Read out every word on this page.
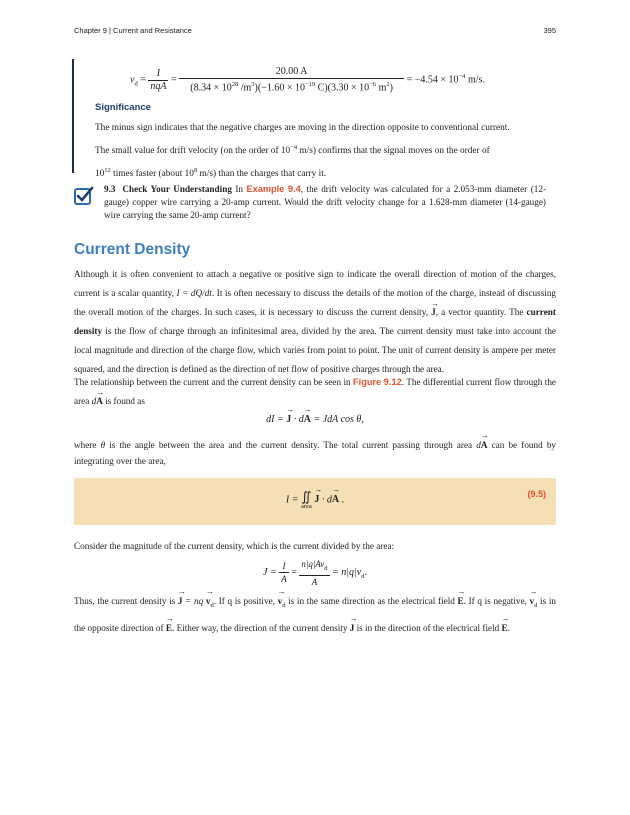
Chapter 9 | Current and Resistance	395
$v_d = \frac{I}{\text{nqA}} = \frac{20.00 A}{(8.34 \times 10^{28} /m^3)(-1.60 \times 10^{-19} C)(3.30 \times 10^{-6} m^2)} = -4.54 \times 10^{-4}$ m/s.
Significance
The minus sign indicates that the negative charges are moving in the direction opposite to conventional current.
The small value for drift velocity (on the order of $10^{-4}$ m/s) confirms that the signal moves on the order of
$10^{12}$ times faster (about $10^8$ m/s) than the charges that carry it.
9.3 Check Your Understanding In Example 9.4, the drift velocity was calculated for a 2.053-mm diameter (12-gauge) copper wire carrying a 20-amp current. Would the drift velocity change for a 1.628-mm diameter (14-gauge) wire carrying the same 20-amp current?
Current Density
Although it is often convenient to attach a negative or positive sign to indicate the overall direction of motion of the charges, current is a scalar quantity, I = dQ/dt. It is often necessary to discuss the details of the motion of the charge, instead of discussing the overall motion of the charges. In such cases, it is necessary to discuss the current density, → J, a vector quantity. The current density is the flow of charge through an infinitesimal area, divided by the area. The current density must take into account the local magnitude and direction of the charge flow, which varies from point to point. The unit of current density is ampere per meter squared, and the direction is defined as the direction of net flow of positive charges through the area.
The relationship between the current and the current density can be seen in Figure 9.12. The differential current flow through the area d→ A is found as
dI = → J · d→ A = JdA cos θ,
where θ is the angle between the area and the current density. The total current passing through area d→ A can be found by integrating over the area,
I = ∬
area
→ J · d→ A .
(9.5)
Consider the magnitude of the current density, which is the current divided by the area:
$J = \frac{I}{A} = \frac{n|q|Av_d}{A} = n|q|v_d$.
Thus, the current density is → J = nq → $v_d$. If q is positive, → $v_d$ is in the same direction as the electrical field → E. If q is negative, → $v_d$ is in the opposite direction of → E. Either way, the direction of the current density → J is in the direction of the electrical field → E.
